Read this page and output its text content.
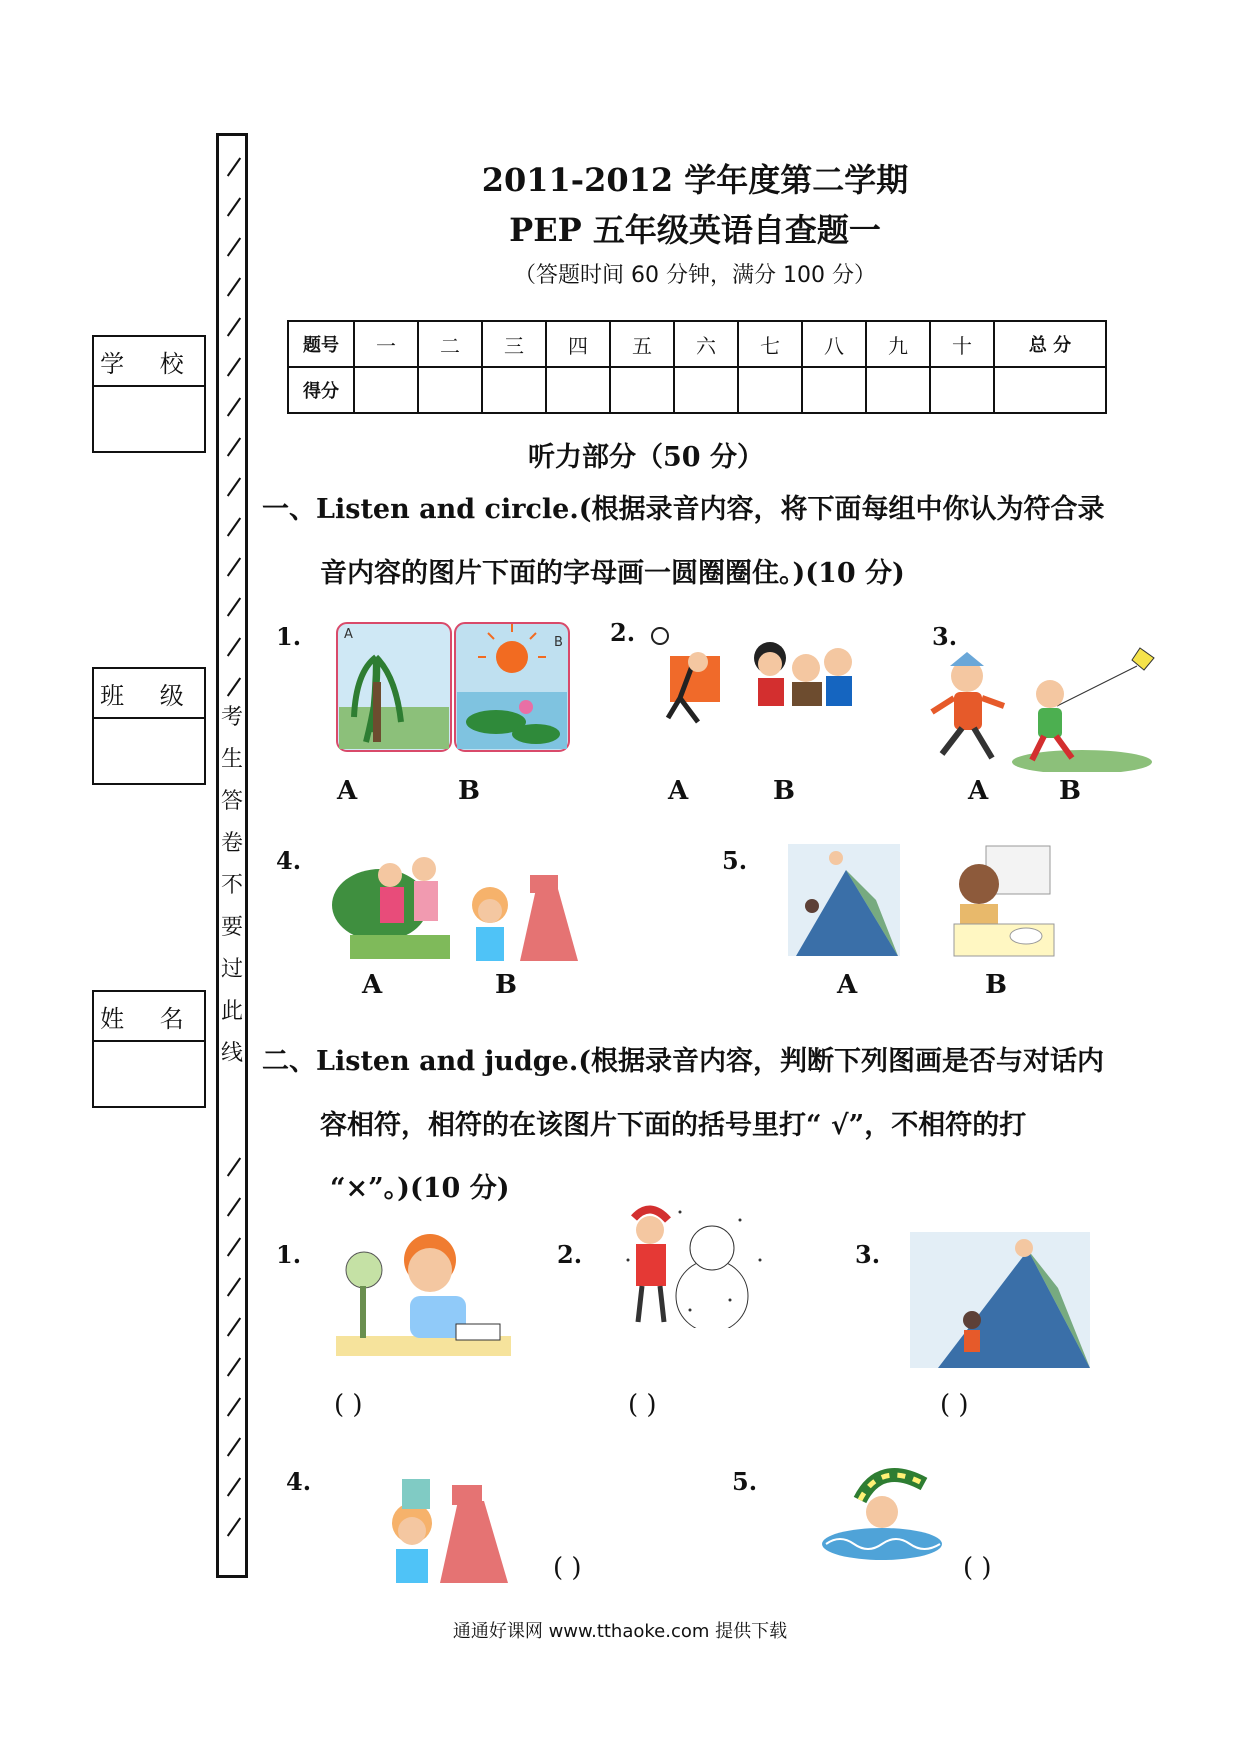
学 校
班 级
姓 名
考
生
答
卷
不
要
过
此
线
2011-2012 学年度第二学期
PEP 五年级英语自查题一
（答题时间 60 分钟，满分 100 分）
题号	一	二	三	四	五	六	七	八	九	十	总 分
得分											
听力部分（50 分）
一、Listen and circle.(根据录音内容，将下面每组中你认为符合录
音内容的图片下面的字母画一圆圈圈住。)(10 分)
1.	2.	3.
4.	5.
A
B
A	B	A	B	A	B
A	B	A	B
二、Listen and judge.(根据录音内容，判断下列图画是否与对话内
容相符，相符的在该图片下面的括号里打“ √”，不相符的打
“×”。)(10 分)
1.	2.	3.
4.	5.
( )	( )	( )
( )	( )
通通好课网 www.tthaoke.com 提供下载
